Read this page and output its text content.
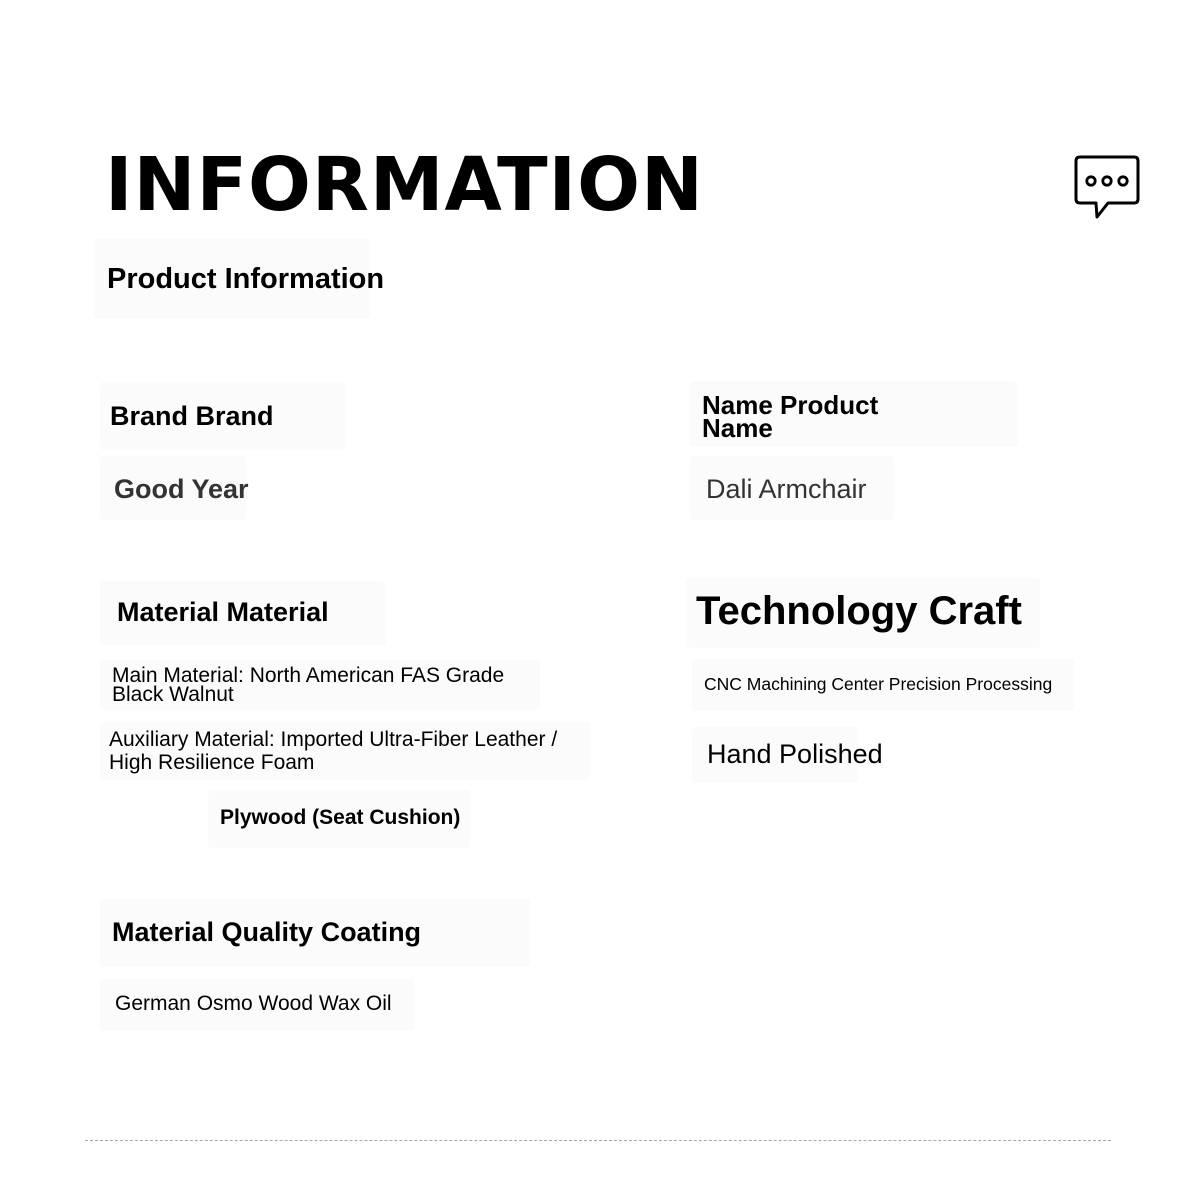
INFORMATION
Product Information
Brand Brand
Good Year
Name Product Name
Dali Armchair
Material Material
Main Material: North American FAS Grade Black Walnut
Auxiliary Material: Imported Ultra-Fiber Leather / High Resilience Foam
Plywood (Seat Cushion)
Technology Craft
CNC Machining Center Precision Processing
Hand Polished
Material Quality Coating
German Osmo Wood Wax Oil
